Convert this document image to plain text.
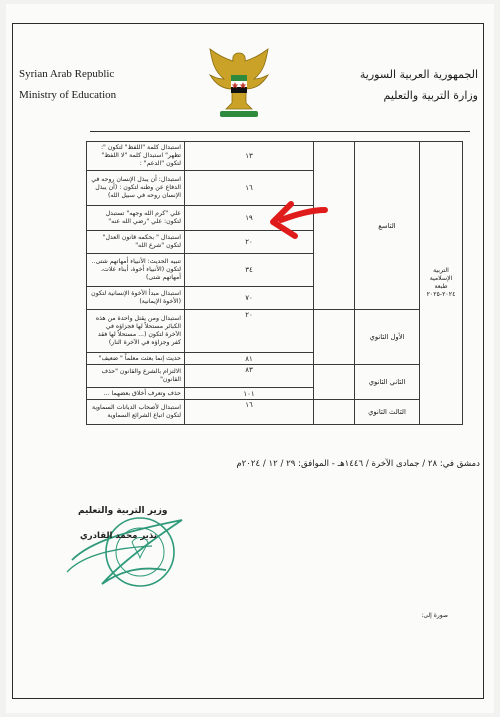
Syrian Arab Republic
Ministry of Education
الجمهورية العربية السورية
وزارة التربية والتعليم
التربية الإسلامية طبعة ٢٠٢٤-٢٠٢٥	التاسع		١٣	استبدال كلمة "اللفظ" لتكون ": تظهر" استبدال كلمة "لا اللفظ" لتكون "الدعم" :
			١٦	استبدال: أن يبذل الإنسان روحه في الدفاع عن وطنه لتكون : (أن يبذل الإنسان روحه في سبيل الله)
			١٩	علي "كرم الله وجهه" تستبدل لتكون: علي "رضي الله عنه"
			٢٠	استبدال " بحكمه قانون العدل" لتكون "شرع الله"
			٣٤	تنبيه الحديث: الأنبياء أمهاتهم شتى.. لتكون (الأنبياء أخوة، أبناء علات، أمهاتهم شتى)
			٧٠	استبدال مبدأ الأخوة الإنسانية لتكون (الأخوة الإيمانية)
	الأول الثانوي		٢٠	استبدال ومن يقتل واحدة من هذه الكبائر مستحلاً لها فجزاؤه في الآخرة لتكون (... مستحلاً لها فقد كفر وجزاؤه في الآخرة النار)
			٨١	حديث إنما بعثت معلماً " ضعيف"
	الثاني الثانوي		٨٣	الالتزام بالشرع والقانون "حذف القانون"
			١٠١	حذف وتعرف أخلاق بعضهما ...
	الثالث الثانوي		١٦	استبدال لأصحاب الديانات السماوية لتكون اتباع الشرائع السماوية
دمشق في: ٢٨ / جمادى الآخرة / ١٤٤٦هـ - الموافق: ٢٩ / ١٢ / ٢٠٢٤م
وزير التربية والتعليم
نذير محمد القادري
صورة إلى:
